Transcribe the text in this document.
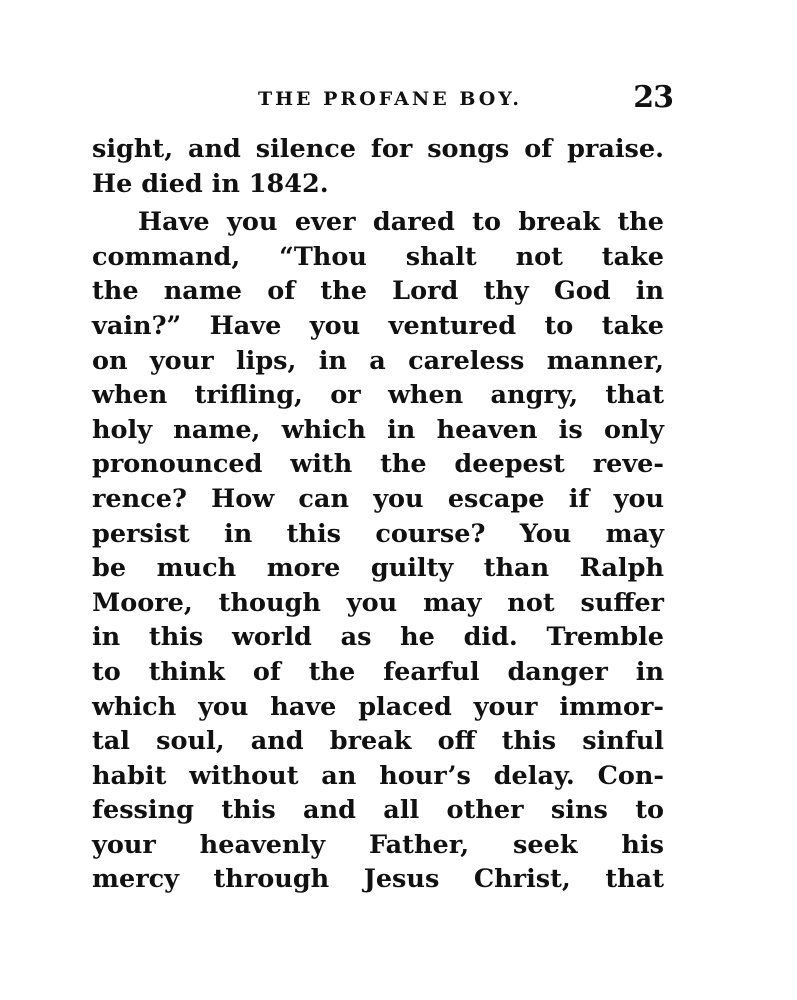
THE PROFANE BOY.	23
sight, and silence for songs of praise.
He died in 1842.
Have you ever dared to break the
command, “Thou shalt not take
the name of the Lord thy God in
vain?” Have you ventured to take
on your lips, in a careless manner,
when trifling, or when angry, that
holy name, which in heaven is only
pronounced with the deepest reve-
rence? How can you escape if you
persist in this course? You may
be much more guilty than Ralph
Moore, though you may not suffer
in this world as he did. Tremble
to think of the fearful danger in
which you have placed your immor-
tal soul, and break off this sinful
habit without an hour’s delay. Con-
fessing this and all other sins to
your heavenly Father, seek his
mercy through Jesus Christ, that
